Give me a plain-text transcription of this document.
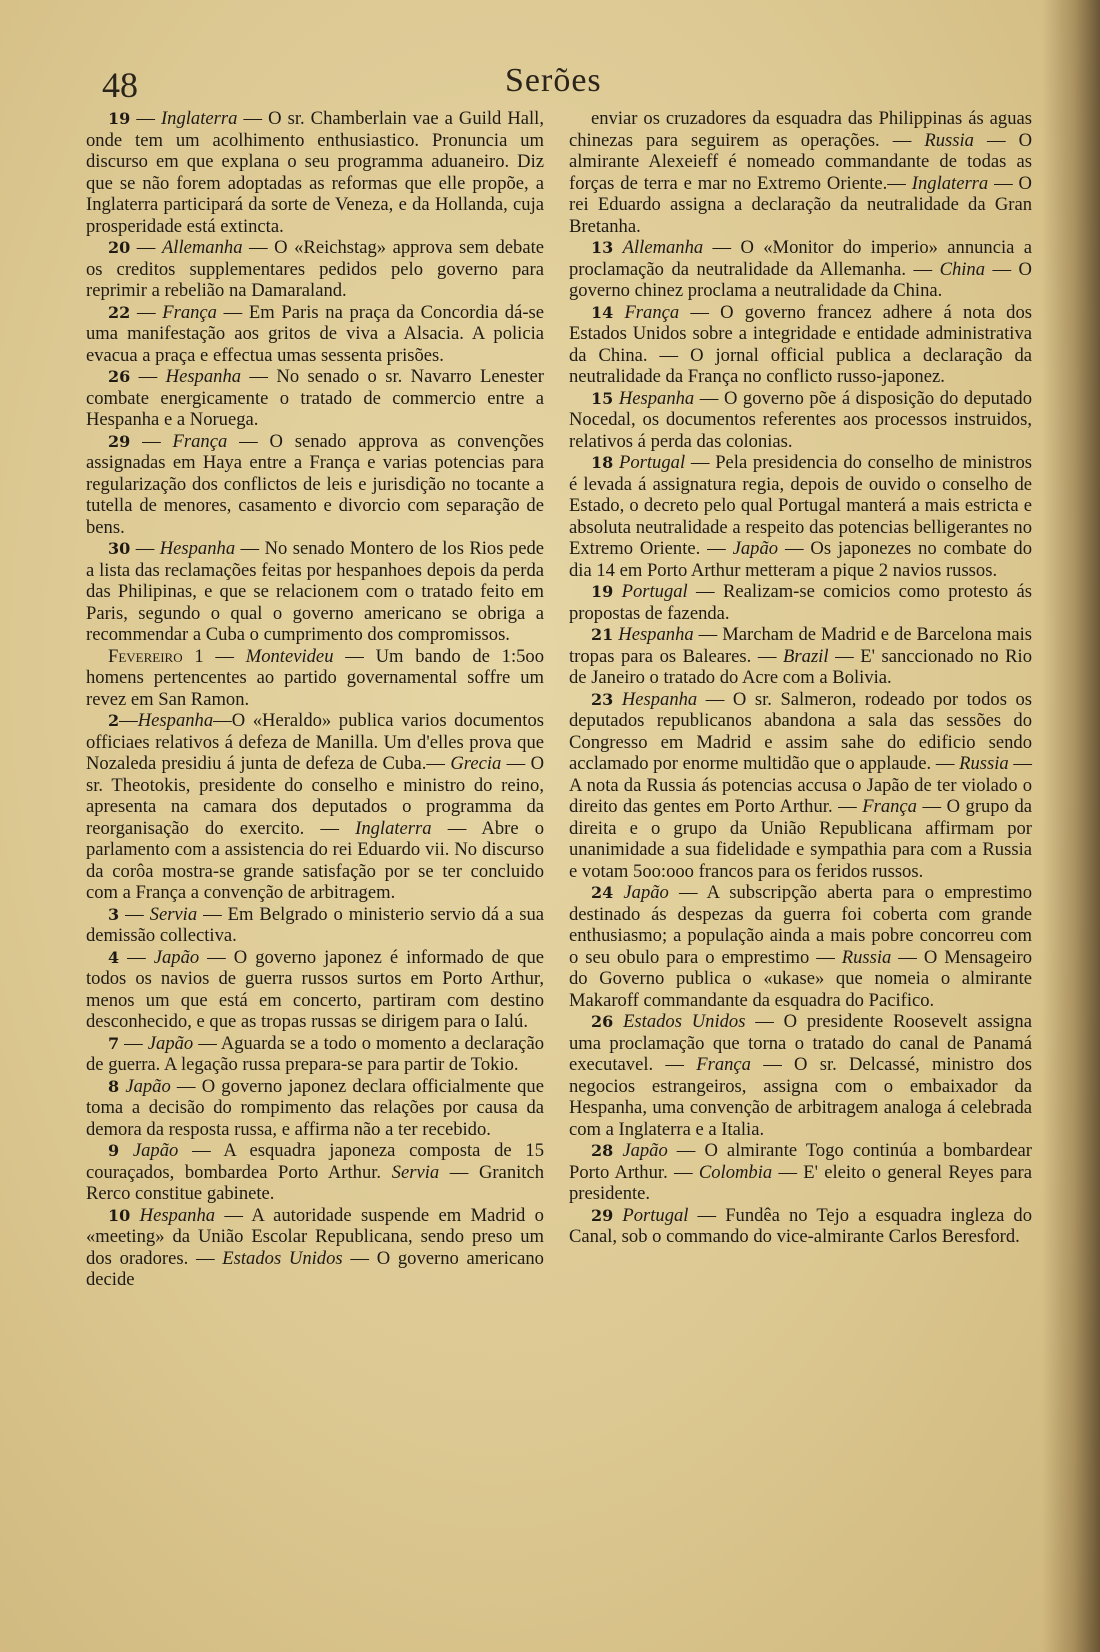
48	Serões

19 — Inglaterra — O sr. Chamberlain vae a Guild Hall, onde tem um acolhimento enthusiastico. Pronuncia um discurso em que explana o seu programma aduaneiro. Diz que se não forem adoptadas as reformas que elle propõe, a Inglaterra participará da sorte de Veneza, e da Hollanda, cuja prosperidade está extincta.

20 — Allemanha — O «Reichstag» approva sem debate os creditos supplementares pedidos pelo governo para reprimir a rebelião na Damaraland.

22 — França — Em Paris na praça da Concordia dá-se uma manifestação aos gritos de viva a Alsacia. A policia evacua a praça e effectua umas sessenta prisões.

26 — Hespanha — No senado o sr. Navarro Lenester combate energicamente o tratado de commercio entre a Hespanha e a Noruega.

29 — França — O senado approva as convenções assignadas em Haya entre a França e varias potencias para regularização dos conflictos de leis e jurisdição no tocante a tutella de menores, casamento e divorcio com separação de bens.

30 — Hespanha — No senado Montero de los Rios pede a lista das reclamações feitas por hespanhoes depois da perda das Philipinas, e que se relacionem com o tratado feito em Paris, segundo o qual o governo americano se obriga a recommendar a Cuba o cumprimento dos compromissos.

Fevereiro 1 — Montevideu — Um bando de 1:5oo homens pertencentes ao partido governamental soffre um revez em San Ramon.

2—Hespanha—O «Heraldo» publica varios documentos officiaes relativos á defeza de Manilla. Um d'elles prova que Nozaleda presidiu á junta de defeza de Cuba.— Grecia — O sr. Theotokis, presidente do conselho e ministro do reino, apresenta na camara dos deputados o programma da reorganisação do exercito. — Inglaterra — Abre o parlamento com a assistencia do rei Eduardo vii. No discurso da corôa mostra-se grande satisfação por se ter concluido com a França a convenção de arbitragem.

3 — Servia — Em Belgrado o ministerio servio dá a sua demissão collectiva.

4 — Japão — O governo japonez é informado de que todos os navios de guerra russos surtos em Porto Arthur, menos um que está em concerto, partiram com destino desconhecido, e que as tropas russas se dirigem para o Ialú.

7 — Japão — Aguarda se a todo o momento a declaração de guerra. A legação russa prepara-se para partir de Tokio.

8 Japão — O governo japonez declara officialmente que toma a decisão do rompimento das relações por causa da demora da resposta russa, e affirma não a ter recebido.

9 Japão — A esquadra japoneza composta de 15 couraçados, bombardea Porto Arthur. Servia — Granitch Rerco constitue gabinete.

10 Hespanha — A autoridade suspende em Madrid o «meeting» da União Escolar Republicana, sendo preso um dos oradores. — Estados Unidos — O governo americano decide

enviar os cruzadores da esquadra das Philippinas ás aguas chinezas para seguirem as operações. — Russia — O almirante Alexeieff é nomeado commandante de todas as forças de terra e mar no Extremo Oriente.— Inglaterra — O rei Eduardo assigna a declaração da neutralidade da Gran Bretanha.

13 Allemanha — O «Monitor do imperio» annuncia a proclamação da neutralidade da Allemanha. — China — O governo chinez proclama a neutralidade da China.

14 França — O governo francez adhere á nota dos Estados Unidos sobre a integridade e entidade administrativa da China. — O jornal official publica a declaração da neutralidade da França no conflicto russo-japonez.

15 Hespanha — O governo põe á disposição do deputado Nocedal, os documentos referentes aos processos instruidos, relativos á perda das colonias.

18 Portugal — Pela presidencia do conselho de ministros é levada á assignatura regia, depois de ouvido o conselho de Estado, o decreto pelo qual Portugal manterá a mais estricta e absoluta neutralidade a respeito das potencias belligerantes no Extremo Oriente. — Japão — Os japonezes no combate do dia 14 em Porto Arthur metteram a pique 2 navios russos.

19 Portugal — Realizam-se comicios como protesto ás propostas de fazenda.

21 Hespanha — Marcham de Madrid e de Barcelona mais tropas para os Baleares. — Brazil — E' sanccionado no Rio de Janeiro o tratado do Acre com a Bolivia.

23 Hespanha — O sr. Salmeron, rodeado por todos os deputados republicanos abandona a sala das sessões do Congresso em Madrid e assim sahe do edificio sendo acclamado por enorme multidão que o applaude. — Russia — A nota da Russia ás potencias accusa o Japão de ter violado o direito das gentes em Porto Arthur. — França — O grupo da direita e o grupo da União Republicana affirmam por unanimidade a sua fidelidade e sympathia para com a Russia e votam 5oo:ooo francos para os feridos russos.

24 Japão — A subscripção aberta para o emprestimo destinado ás despezas da guerra foi coberta com grande enthusiasmo; a população ainda a mais pobre concorreu com o seu obulo para o emprestimo — Russia — O Mensageiro do Governo publica o «ukase» que nomeia o almirante Makaroff commandante da esquadra do Pacifico.

26 Estados Unidos — O presidente Roosevelt assigna uma proclamação que torna o tratado do canal de Panamá executavel. — França — O sr. Delcassé, ministro dos negocios estrangeiros, assigna com o embaixador da Hespanha, uma convenção de arbitragem analoga á celebrada com a Inglaterra e a Italia.

28 Japão — O almirante Togo continúa a bombardear Porto Arthur. — Colombia — E' eleito o general Reyes para presidente.

29 Portugal — Fundêa no Tejo a esquadra ingleza do Canal, sob o commando do vice-almirante Carlos Beresford.
